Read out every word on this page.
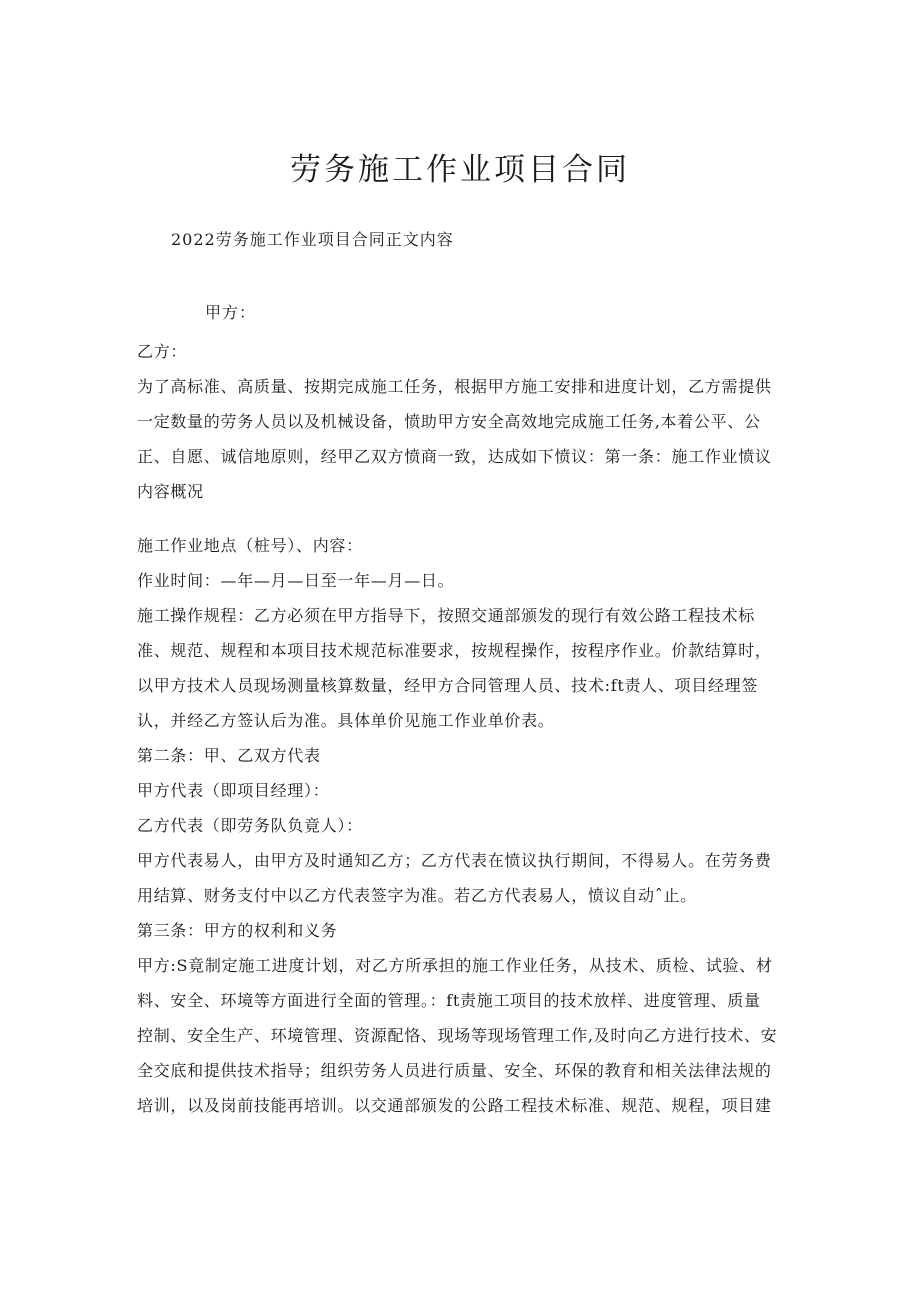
劳务施工作业项目合同
2022劳务施工作业项目合同正文内容
甲方：
乙方：
为了高标准、高质量、按期完成施工任务，根据甲方施工安排和进度计划，乙方需提供
一定数量的劳务人员以及机械设备，愤助甲方安全高效地完成施工任务,本着公平、公
正、自愿、诚信地原则，经甲乙双方愤商一致，达成如下愤议：第一条：施工作业愤议
内容概况
施工作业地点（桩号）、内容：
作业时间：—年—月—日至一年—月—日。
施工操作规程：乙方必须在甲方指导下，按照交通部颁发的现行有效公路工程技术标
准、规范、规程和本项目技术规范标准要求，按规程操作，按程序作业。价款结算时，
以甲方技术人员现场测量核算数量，经甲方合同管理人员、技术:ft责人、项目经理签
认，并经乙方签认后为准。具体单价见施工作业单价表。
第二条：甲、乙双方代表
甲方代表（即项目经理）：
乙方代表（即劳务队负竟人）：
甲方代表易人，由甲方及时通知乙方；乙方代表在愤议执行期间，不得易人。在劳务费
用结算、财务支付中以乙方代表签字为准。若乙方代表易人，愤议自动ˆ止。
第三条：甲方的权利和义务
甲方:S竟制定施工进度计划，对乙方所承担的施工作业任务，从技术、质检、试验、材
料、安全、环境等方面进行全面的管理。：ft责施工项目的技术放样、进度管理、质量
控制、安全生产、环境管理、资源配恪、现场等现场管理工作,及时向乙方进行技术、安
全交底和提供技术指导；组织劳务人员进行质量、安全、环保的教育和相关法律法规的
培训，以及岗前技能再培训。以交通部颁发的公路工程技术标准、规范、规程，项目建
